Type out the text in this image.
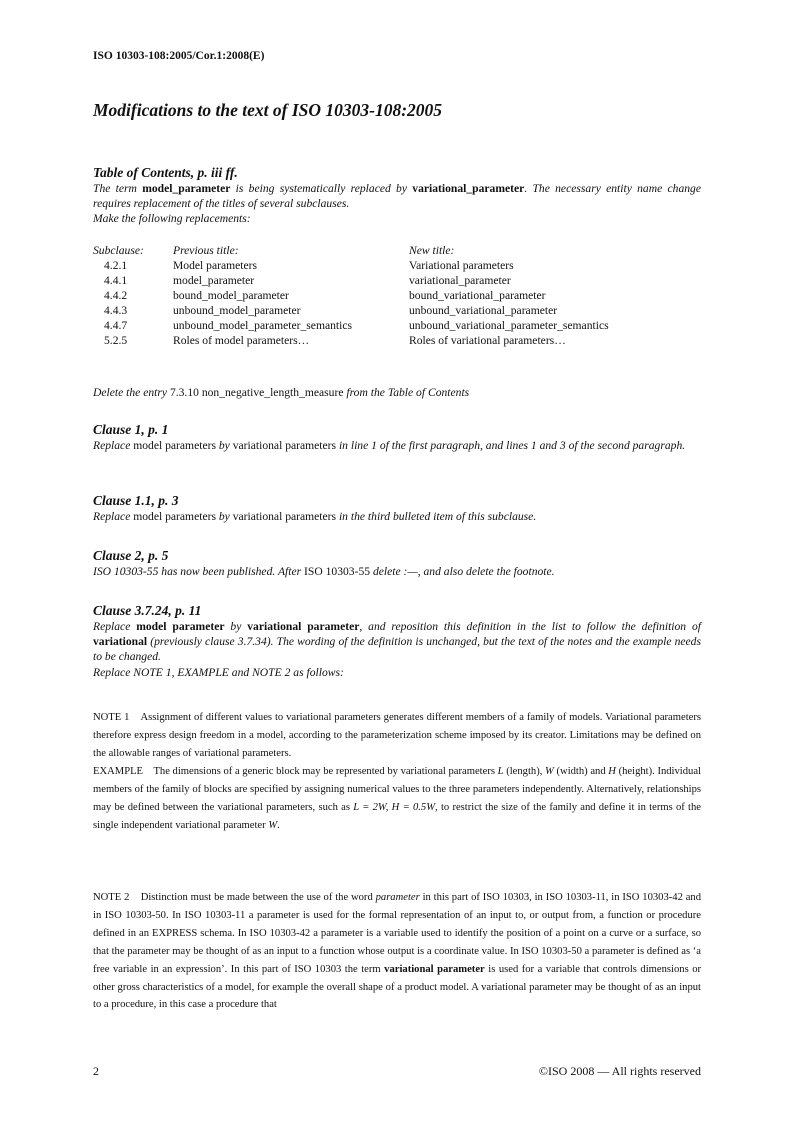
ISO 10303-108:2005/Cor.1:2008(E)
Modifications to the text of ISO 10303-108:2005
Table of Contents, p. iii ff.
The term model_parameter is being systematically replaced by variational_parameter. The necessary entity name change requires replacement of the titles of several subclauses.
Make the following replacements:
Subclause:	Previous title:	New title:
4.2.1	Model parameters	Variational parameters
4.4.1	model_parameter	variational_parameter
4.4.2	bound_model_parameter	bound_variational_parameter
4.4.3	unbound_model_parameter	unbound_variational_parameter
4.4.7	unbound_model_parameter_semantics	unbound_variational_parameter_semantics
5.2.5	Roles of model parameters…	Roles of variational parameters…
Delete the entry 7.3.10 non_negative_length_measure from the Table of Contents
Clause 1, p. 1
Replace model parameters by variational parameters in line 1 of the first paragraph, and lines 1 and 3 of the second paragraph.
Clause 1.1, p. 3
Replace model parameters by variational parameters in the third bulleted item of this subclause.
Clause 2, p. 5
ISO 10303-55 has now been published. After ISO 10303-55 delete :—, and also delete the footnote.
Clause 3.7.24, p. 11
Replace model parameter by variational parameter, and reposition this definition in the list to follow the definition of variational (previously clause 3.7.34). The wording of the definition is unchanged, but the text of the notes and the example needs to be changed.
Replace NOTE 1, EXAMPLE and NOTE 2 as follows:
NOTE 1    Assignment of different values to variational parameters generates different members of a family of models. Variational parameters therefore express design freedom in a model, according to the parameterization scheme imposed by its creator. Limitations may be defined on the allowable ranges of variational parameters.
EXAMPLE    The dimensions of a generic block may be represented by variational parameters L (length), W (width) and H (height). Individual members of the family of blocks are specified by assigning numerical values to the three parameters independently. Alternatively, relationships may be defined between the variational parameters, such as L = 2W, H = 0.5W, to restrict the size of the family and define it in terms of the single independent variational parameter W.
NOTE 2    Distinction must be made between the use of the word parameter in this part of ISO 10303, in ISO 10303-11, in ISO 10303-42 and in ISO 10303-50. In ISO 10303-11 a parameter is used for the formal representation of an input to, or output from, a function or procedure defined in an EXPRESS schema. In ISO 10303-42 a parameter is a variable used to identify the position of a point on a curve or a surface, so that the parameter may be thought of as an input to a function whose output is a coordinate value. In ISO 10303-50 a parameter is defined as ‘a free variable in an expression’. In this part of ISO 10303 the term variational parameter is used for a variable that controls dimensions or other gross characteristics of a model, for example the overall shape of a product model. A variational parameter may be thought of as an input to a procedure, in this case a procedure that
2	©ISO 2008 — All rights reserved
